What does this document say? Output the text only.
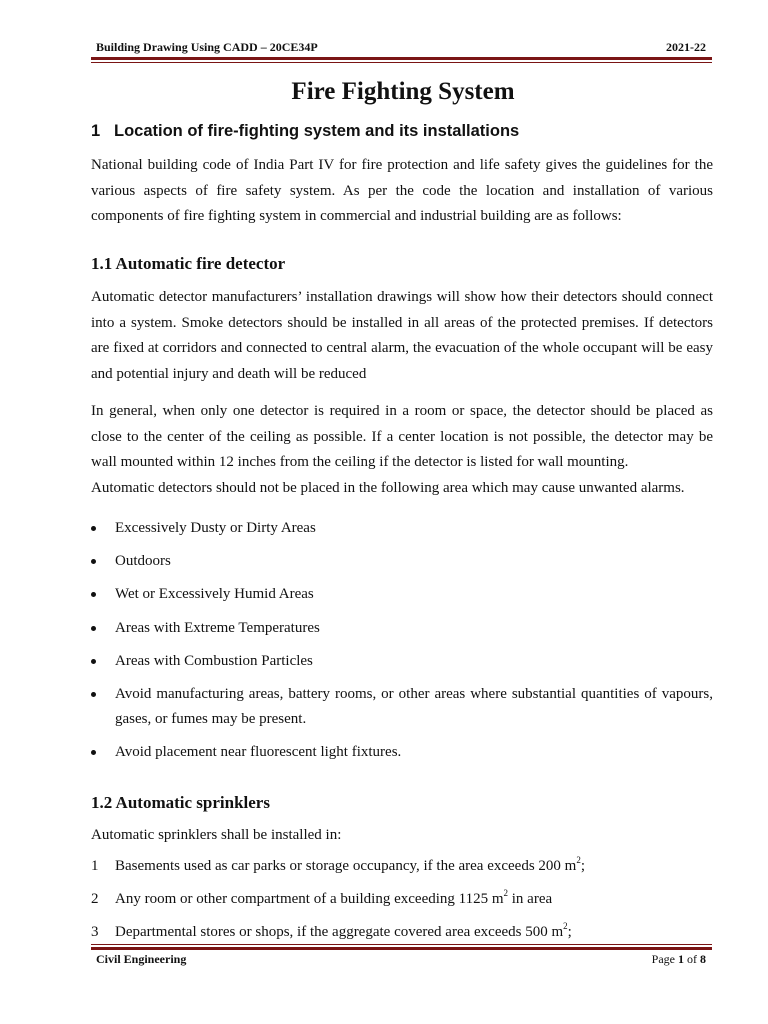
Building Drawing Using CADD – 20CE34P	2021-22
Fire Fighting System
1 Location of fire-fighting system and its installations
National building code of India Part IV for fire protection and life safety gives the guidelines for the various aspects of fire safety system. As per the code the location and installation of various components of fire fighting system in commercial and industrial building are as follows:
1.1 Automatic fire detector
Automatic detector manufacturers’ installation drawings will show how their detectors should connect into a system. Smoke detectors should be installed in all areas of the protected premises. If detectors are fixed at corridors and connected to central alarm, the evacuation of the whole occupant will be easy and potential injury and death will be reduced
In general, when only one detector is required in a room or space, the detector should be placed as close to the center of the ceiling as possible. If a center location is not possible, the detector may be wall mounted within 12 inches from the ceiling if the detector is listed for wall mounting.
Automatic detectors should not be placed in the following area which may cause unwanted alarms.
Excessively Dusty or Dirty Areas
Outdoors
Wet or Excessively Humid Areas
Areas with Extreme Temperatures
Areas with Combustion Particles
Avoid manufacturing areas, battery rooms, or other areas where substantial quantities of vapours, gases, or fumes may be present.
Avoid placement near fluorescent light fixtures.
1.2 Automatic sprinklers
Automatic sprinklers shall be installed in:
1 Basements used as car parks or storage occupancy, if the area exceeds 200 $m^2$;
2 Any room or other compartment of a building exceeding 1125 $m^2$ in area
3 Departmental stores or shops, if the aggregate covered area exceeds 500 $m^2$;
Civil Engineering	Page 1 of 8
